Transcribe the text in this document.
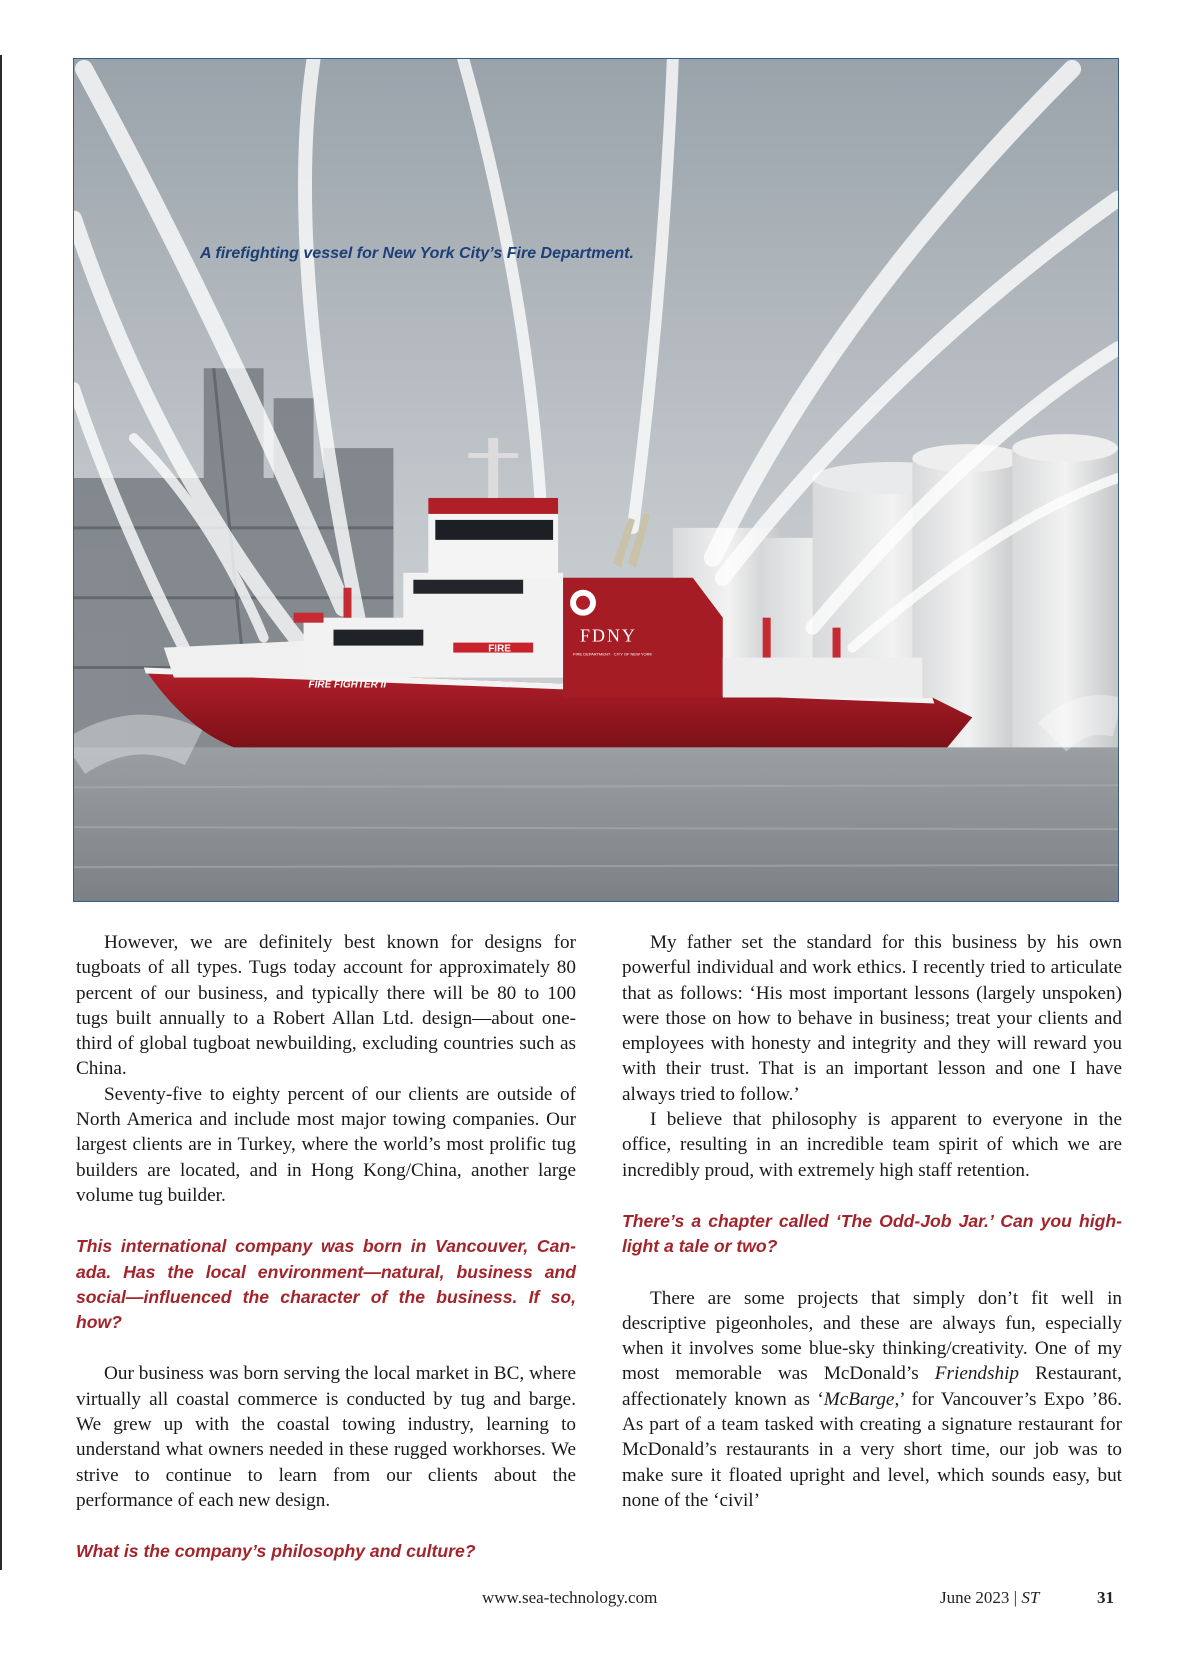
FIRE FIGHTER II
FIRE
FDNY
FIRE DEPARTMENT · CITY OF NEW YORK
A firefighting vessel for New York City’s Fire Department.

However, we are definitely best known for designs for tugboats of all types. Tugs today account for approximately 80 percent of our business, and typically there will be 80 to 100 tugs built annually to a Robert Allan Ltd. design—about one-third of global tugboat newbuilding, excluding countries such as China.

Seventy-five to eighty percent of our clients are outside of North America and include most major towing companies. Our largest clients are in Turkey, where the world’s most prolific tug builders are located, and in Hong Kong/China, another large volume tug builder.

This international company was born in Vancouver, Canada. Has the local environment—natural, business and social—influenced the character of the business. If so, how?

Our business was born serving the local market in BC, where virtually all coastal commerce is conducted by tug and barge. We grew up with the coastal towing industry, learning to understand what owners needed in these rugged workhorses. We strive to continue to learn from our clients about the performance of each new design.

What is the company’s philosophy and culture?

My father set the standard for this business by his own powerful individual and work ethics. I recently tried to articulate that as follows: ‘His most important lessons (largely unspoken) were those on how to behave in business; treat your clients and employees with honesty and integrity and they will reward you with their trust. That is an important lesson and one I have always tried to follow.’

I believe that philosophy is apparent to everyone in the office, resulting in an incredible team spirit of which we are incredibly proud, with extremely high staff retention.

There’s a chapter called ‘The Odd-Job Jar.’ Can you highlight a tale or two?

There are some projects that simply don’t fit well in descriptive pigeonholes, and these are always fun, especially when it involves some blue-sky thinking/creativity. One of my most memorable was McDonald’s Friendship Restaurant, affectionately known as ‘McBarge,’ for Vancouver’s Expo ’86. As part of a team tasked with creating a signature restaurant for McDonald’s restaurants in a very short time, our job was to make sure it floated upright and level, which sounds easy, but none of the ‘civil’

www.sea-technology.com	June 2023 | ST	31
